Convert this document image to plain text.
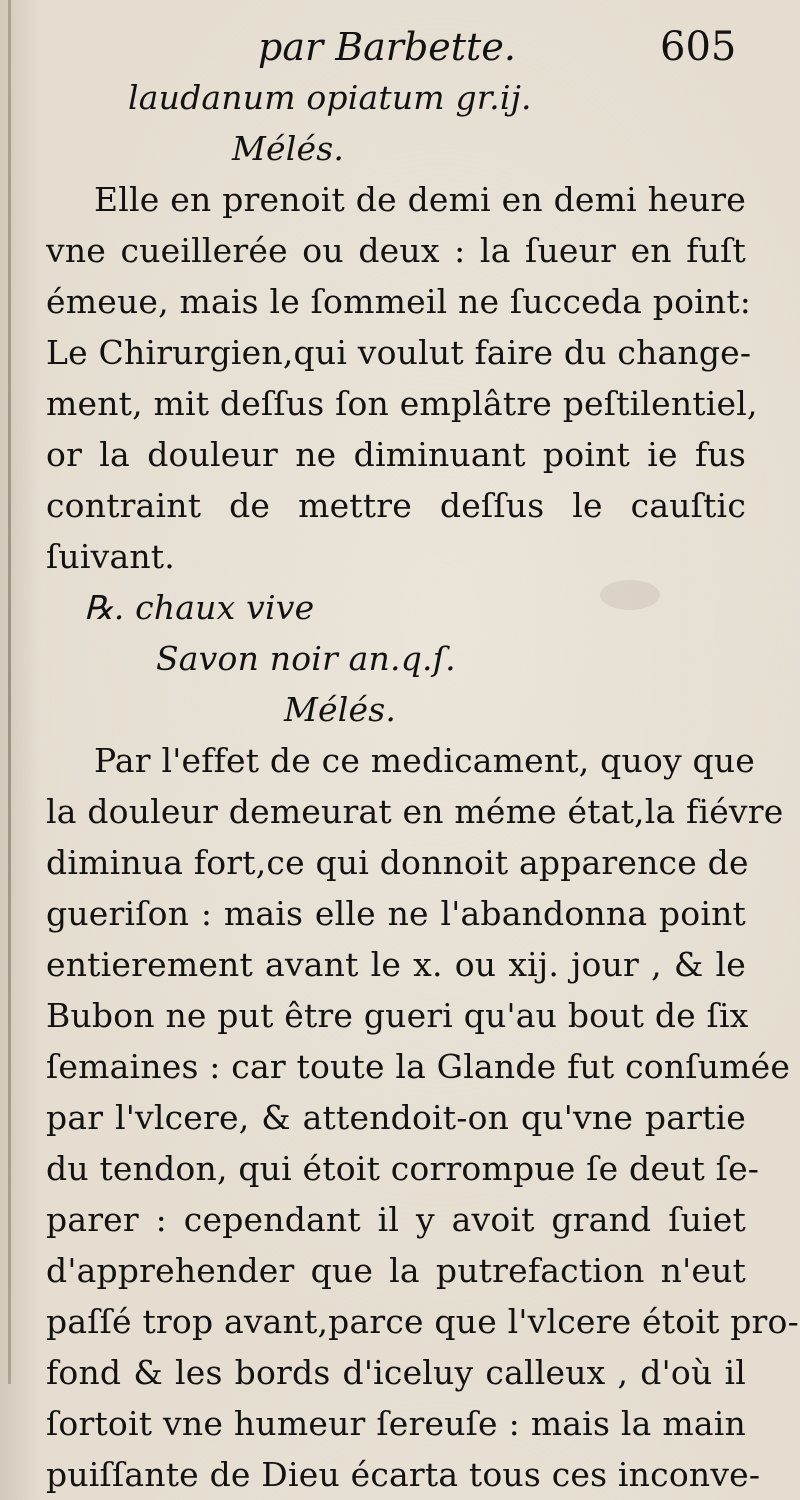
par Barbette.	605
laudanum opiatum gr.ij.
Mélés.
Elle en prenoit de demi en demi heure
vne cueillerée ou deux : la ſueur en fuſt
émeue, mais le ſommeil ne ſucceda point:
Le Chirurgien,qui voulut faire du change-
ment, mit deſſus ſon emplâtre peſtilentiel,
or la douleur ne diminuant point ie fus
contraint de mettre deſſus le cauſtic
ſuivant.
℞. chaux vive
Savon noir an.q.ſ.
Mélés.
Par l'effet de ce medicament, quoy que
la douleur demeurat en méme état,la fiévre
diminua fort,ce qui donnoit apparence de
gueriſon : mais elle ne l'abandonna point
entierement avant le x. ou xij. jour , & le
Bubon ne put être gueri qu'au bout de ſix
ſemaines : car toute la Glande fut conſumée
par l'vlcere, & attendoit-on qu'vne partie
du tendon, qui étoit corrompue ſe deut ſe-
parer : cependant il y avoit grand ſuiet
d'apprehender que la putrefaction n'eut
paſſé trop avant,parce que l'vlcere étoit pro-
fond & les bords d'iceluy calleux , d'où il
ſortoit vne humeur ſereuſe : mais la main
puiſſante de Dieu écarta tous ces inconve-
